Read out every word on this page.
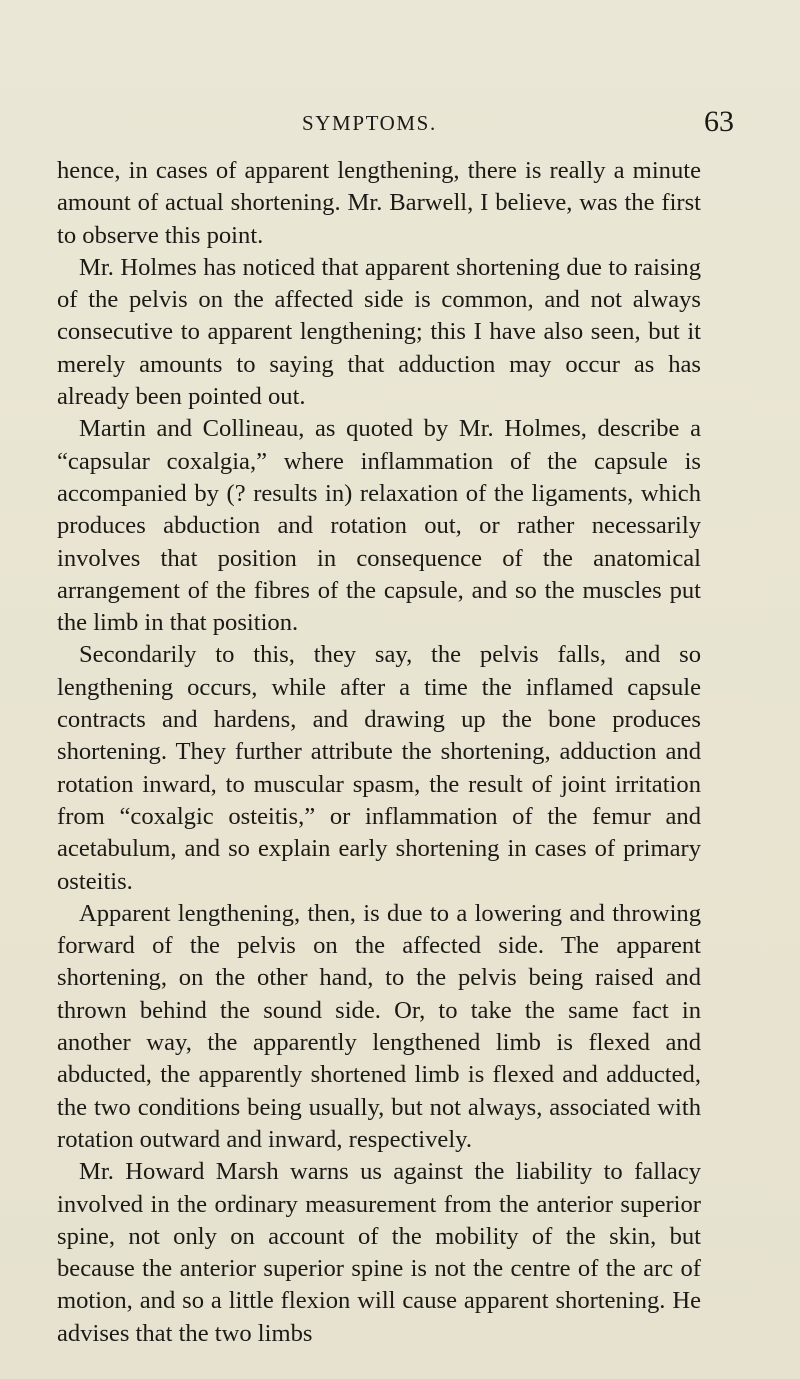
SYMPTOMS.	63

hence, in cases of apparent lengthening, there is really a minute amount of actual shortening. Mr. Barwell, I believe, was the first to observe this point.

Mr. Holmes has noticed that apparent shortening due to raising of the pelvis on the affected side is common, and not always consecutive to apparent lengthening; this I have also seen, but it merely amounts to saying that adduction may occur as has already been pointed out.

Martin and Collineau, as quoted by Mr. Holmes, describe a “capsular coxalgia,” where inflammation of the capsule is accompanied by (? results in) relaxation of the ligaments, which produces abduction and rotation out, or rather necessarily involves that position in consequence of the anatomical arrangement of the fibres of the capsule, and so the muscles put the limb in that position.

Secondarily to this, they say, the pelvis falls, and so lengthening occurs, while after a time the inflamed capsule contracts and hardens, and drawing up the bone produces shortening. They further attribute the shortening, adduction and rotation inward, to muscular spasm, the result of joint irritation from “coxalgic osteitis,” or inflammation of the femur and acetabulum, and so explain early shortening in cases of primary osteitis.

Apparent lengthening, then, is due to a lowering and throwing forward of the pelvis on the affected side. The apparent shortening, on the other hand, to the pelvis being raised and thrown behind the sound side. Or, to take the same fact in another way, the apparently lengthened limb is flexed and abducted, the apparently shortened limb is flexed and adducted, the two conditions being usually, but not always, associated with rotation outward and inward, respectively.

Mr. Howard Marsh warns us against the liability to fallacy involved in the ordinary measurement from the anterior superior spine, not only on account of the mobility of the skin, but because the anterior superior spine is not the centre of the arc of motion, and so a little flexion will cause apparent shortening. He advises that the two limbs
